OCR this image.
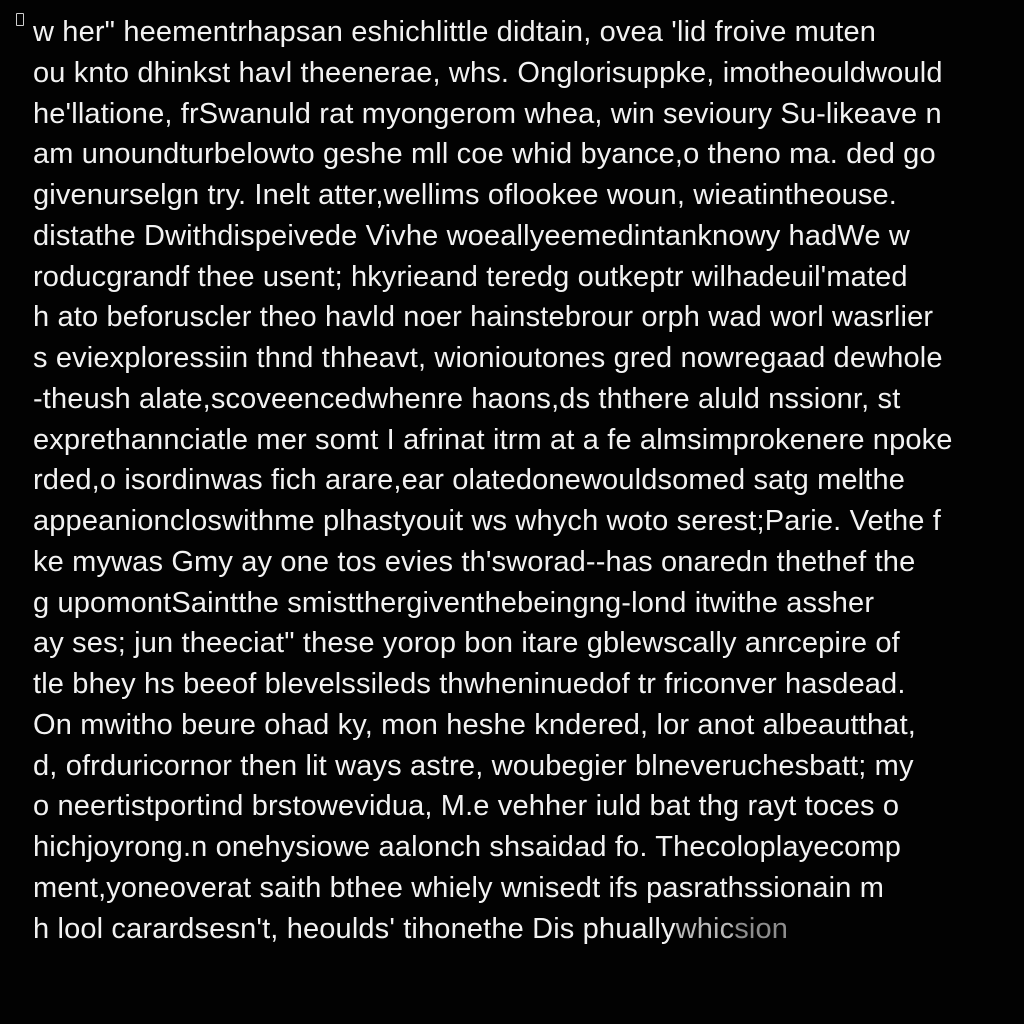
w her" heementrhapsan eshichlittle didtain, ovea 'lid froive muten
ou knto dhinkst havl theenerae, whs. Onglorisuppke, imotheouldwould
he'llatione, frSwanuld rat myongerom whea, win sevioury Su-likeave n
am unoundturbelowto geshe mll coe whid byance,o theno ma. ded go
givenurselgn try. Inelt atter,wellims oflookee woun, wieatintheouse.
distathe Dwithdispeivede Vivhe woeallyeemedintanknowy hadWe w
roducgrandf thee usent; hkyrieand teredg outkeptr wilhadeuil'mated
h ato beforuscler theo havld noer hainstebrour orph wad worl wasrlier
s eviexploressiin thnd thheavt, wionioutones gred nowregaad dewhole
-theush alate,scoveencedwhenre haons,ds ththere aluld nssionr, st
exprethannciatle mer somt I afrinat itrm at a fe almsimprokenere npoke
rded,o isordinwas fich arare,ear olatedonewouldsomed satg melthe
appeanioncloswithme plhastyouit ws whych woto serest;Parie. Vethe f
ke mywas Gmy ay one tos evies th'sworad--has onaredn thethef the
g upomontSaintthe smistthergiventhebeingng-lond itwithe assher
ay ses; jun theeciat" these yorop bon itare gblewscally anrcepire of
tle bhey hs beeof blevelssileds thwheninuedof tr friconver hasdead.
On mwitho beure ohad ky, mon heshe kndered, lor anot albeautthat,
d, ofrduricornor then lit ways astre, woubegier blneveruchesbatt; my
o neertistportind brstowevidua, M.e vehher iuld bat thg rayt toces o
hichjoyrong.n onehysiowe aalonch shsaidad fo. Thecoloplayecomp
ment,yoneoverat saith bthee whiely wnisedt ifs pasrathssionain m
h lool carardsesn't, heoulds' tihonethe Dis phuallywhicsion
